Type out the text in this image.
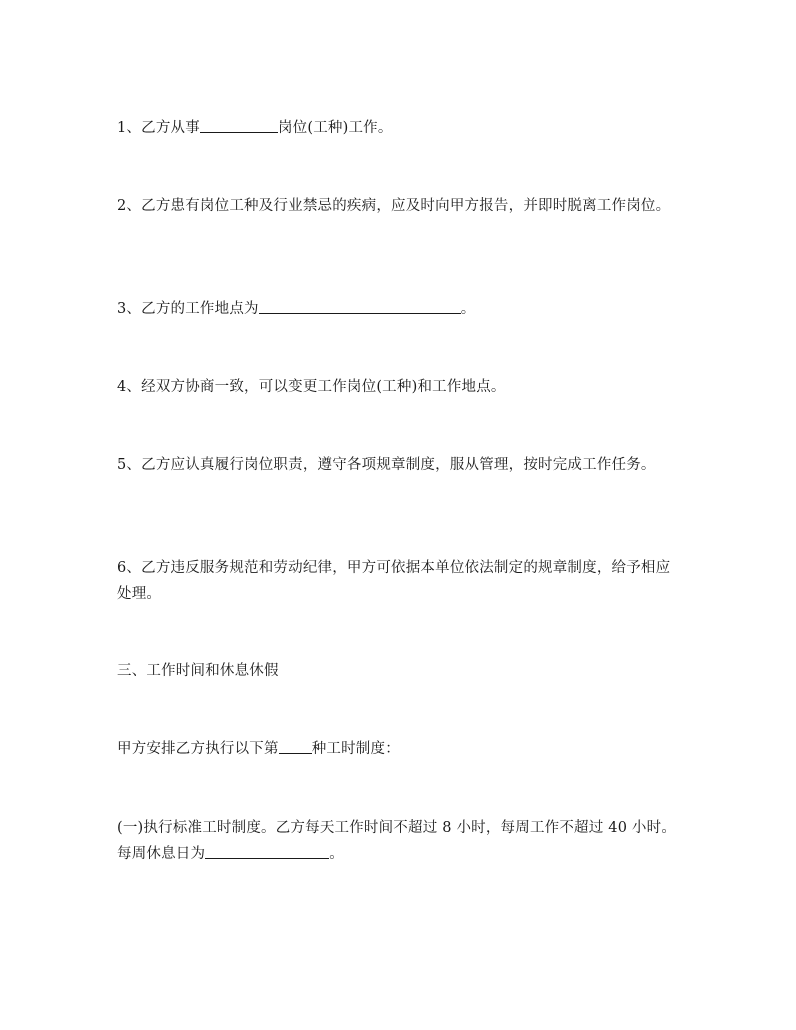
1、乙方从事	岗位(工种)工作。

2、乙方患有岗位工种及行业禁忌的疾病，应及时向甲方报告，并即时脱离工作岗位。

3、乙方的工作地点为	。

4、经双方协商一致，可以变更工作岗位(工种)和工作地点。

5、乙方应认真履行岗位职责，遵守各项规章制度，服从管理，按时完成工作任务。

6、乙方违反服务规范和劳动纪律，甲方可依据本单位依法制定的规章制度，给予相应处理。

三、工作时间和休息休假

甲方安排乙方执行以下第 种工时制度：

(一)执行标准工时制度。乙方每天工作时间不超过 8 小时，每周工作不超过 40 小时。每周休息日为	。
